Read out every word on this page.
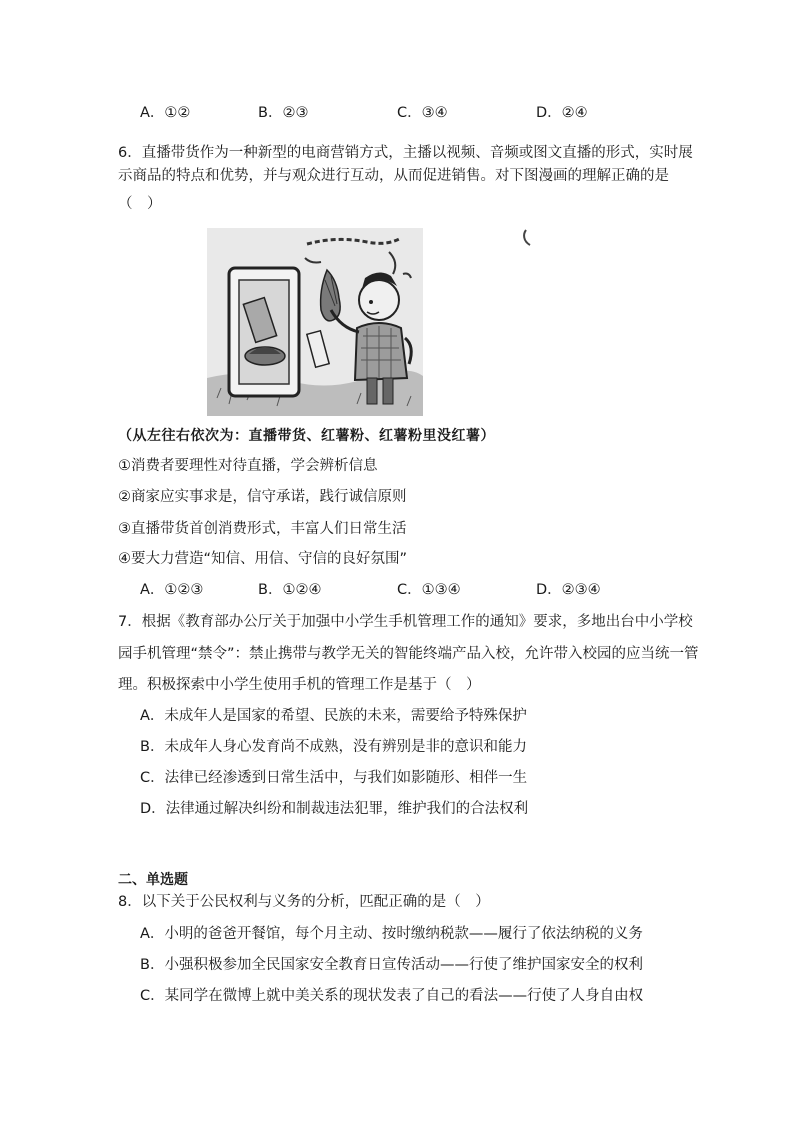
A．①②	B．②③	C．③④	D．②④
6．直播带货作为一种新型的电商营销方式，主播以视频、音频或图文直播的形式，实时展
示商品的特点和优势，并与观众进行互动，从而促进销售。对下图漫画的理解正确的是
（　）
（从左往右依次为：直播带货、红薯粉、红薯粉里没红薯）
①消费者要理性对待直播，学会辨析信息
②商家应实事求是，信守承诺，践行诚信原则
③直播带货首创消费形式，丰富人们日常生活
④要大力营造“知信、用信、守信的良好氛围”
A．①②③	B．①②④	C．①③④	D．②③④
7．根据《教育部办公厅关于加强中小学生手机管理工作的通知》要求，多地出台中小学校
园手机管理“禁令”：禁止携带与教学无关的智能终端产品入校，允许带入校园的应当统一管
理。积极探索中小学生使用手机的管理工作是基于（　）
A．未成年人是国家的希望、民族的未来，需要给予特殊保护
B．未成年人身心发育尚不成熟，没有辨别是非的意识和能力
C．法律已经渗透到日常生活中，与我们如影随形、相伴一生
D．法律通过解决纠纷和制裁违法犯罪，维护我们的合法权利
二、单选题
8．以下关于公民权利与义务的分析，匹配正确的是（　）
A．小明的爸爸开餐馆，每个月主动、按时缴纳税款——履行了依法纳税的义务
B．小强积极参加全民国家安全教育日宣传活动——行使了维护国家安全的权利
C．某同学在微博上就中美关系的现状发表了自己的看法——行使了人身自由权
